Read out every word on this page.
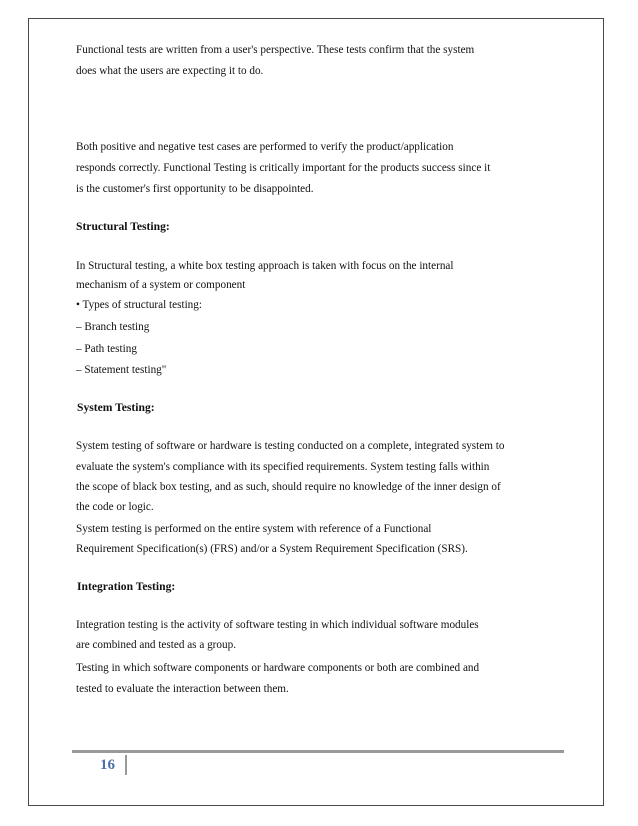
Functional tests are written from a user's perspective. These tests confirm that the system
does what the users are expecting it to do.
Both positive and negative test cases are performed to verify the product/application
responds correctly. Functional Testing is critically important for the products success since it
is the customer's first opportunity to be disappointed.
Structural Testing:
In Structural testing, a white box testing approach is taken with focus on the internal
mechanism of a system or component
• Types of structural testing:
– Branch testing
– Path testing
– Statement testing"
System Testing:
System testing of software or hardware is testing conducted on a complete, integrated system to
evaluate the system's compliance with its specified requirements. System testing falls within
the scope of black box testing, and as such, should require no knowledge of the inner design of
the code or logic.
System testing is performed on the entire system with reference of a Functional
Requirement Specification(s) (FRS) and/or a System Requirement Specification (SRS).
Integration Testing:
Integration testing is the activity of software testing in which individual software modules
are combined and tested as a group.
Testing in which software components or hardware components or both are combined and
tested to evaluate the interaction between them.
16
